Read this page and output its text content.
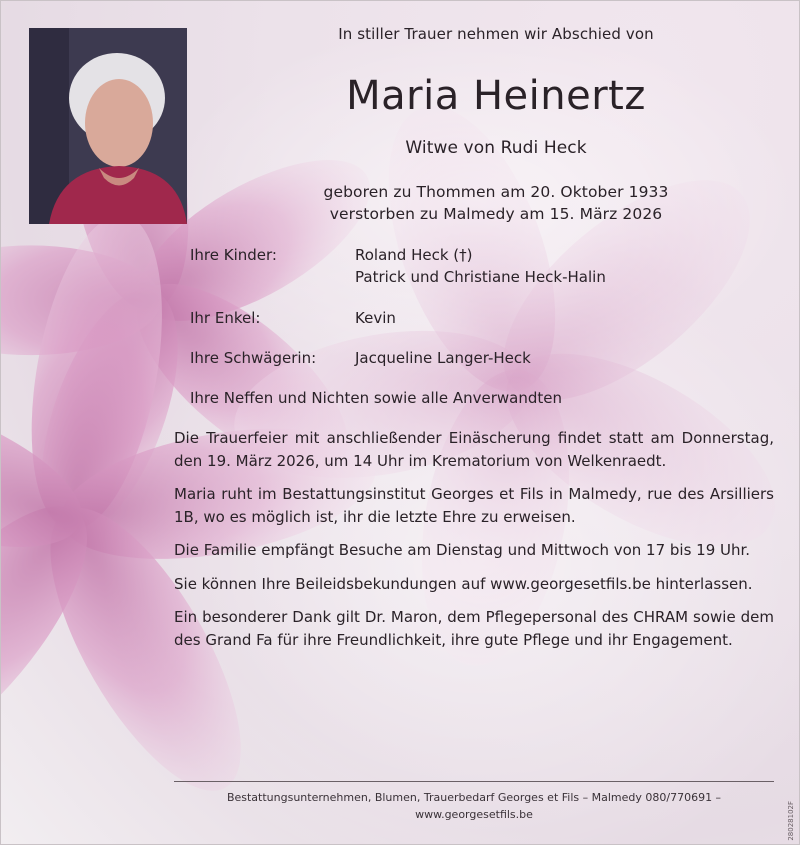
In stiller Trauer nehmen wir Abschied von
Maria Heinertz
Witwe von Rudi Heck
geboren zu Thommen am 20. Oktober 1933
verstorben zu Malmedy am 15. März 2026
Ihre Kinder:	Roland Heck (†)
Patrick und Christiane Heck-Halin
Ihr Enkel:	Kevin
Ihre Schwägerin:	Jacqueline Langer-Heck
Ihre Neffen und Nichten sowie alle Anverwandten

Die Trauerfeier mit anschließender Einäscherung findet statt am Donnerstag, den 19. März 2026, um 14 Uhr im Krematorium von Welkenraedt.

Maria ruht im Bestattungsinstitut Georges et Fils in Malmedy, rue des Arsilliers 1B, wo es möglich ist, ihr die letzte Ehre zu erweisen.

Die Familie empfängt Besuche am Dienstag und Mittwoch von 17 bis 19 Uhr.

Sie können Ihre Beileidsbekundungen auf www.georgesetfils.be hinterlassen.

Ein besonderer Dank gilt Dr. Maron, dem Pflegepersonal des CHRAM sowie dem des Grand Fa für ihre Freundlichkeit, ihre gute Pflege und ihr Engagement.

Bestattungsunternehmen, Blumen, Trauerbedarf Georges et Fils – Malmedy 080/770691 –
www.georgesetfils.be	28028102F
